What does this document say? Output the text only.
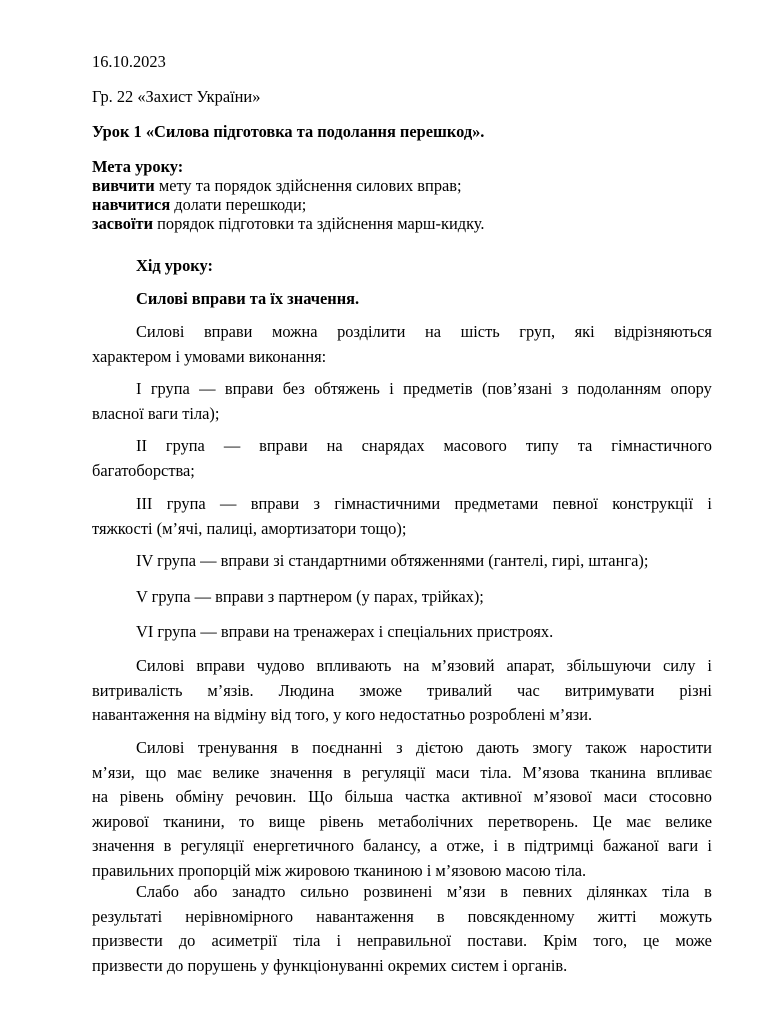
16.10.2023

Гр. 22 «Захист України»

Урок 1 «Силова підготовка та подолання перешкод».

Мета уроку:

вивчити мету та порядок здійснення силових вправ;

навчитися долати перешкоди;

засвоїти порядок підготовки та здійснення марш-кидку.

Хід уроку:

Силові вправи та їх значення.

Силові вправи можна розділити на шість груп, які відрізняються
характером і умовами виконання:
I група — вправи без обтяжень і предметів (пов’язані з подоланням опору
власної ваги тіла);
II група — вправи на снарядах масового типу та гімнастичного
багатоборства;
III група — вправи з гімнастичними предметами певної конструкції і
тяжкості (м’ячі, палиці, амортизатори тощо);
IV група — вправи зі стандартними обтяженнями (гантелі, гирі, штанга);
V група — вправи з партнером (у парах, трійках);
VI група — вправи на тренажерах і спеціальних пристроях.
Силові вправи чудово впливають на м’язовий апарат, збільшуючи силу і
витривалість м’язів. Людина зможе тривалий час витримувати різні
навантаження на відміну від того, у кого недостатньо розроблені м’язи.
Силові тренування в поєднанні з дієтою дають змогу також наростити
м’язи, що має велике значення в регуляції маси тіла. М’язова тканина впливає
на рівень обміну речовин. Що більша частка активної м’язової маси стосовно
жирової тканини, то вище рівень метаболічних перетворень. Це має велике
значення в регуляції енергетичного балансу, а отже, і в підтримці бажаної ваги і
правильних пропорцій між жировою тканиною і м’язовою масою тіла.
Слабо або занадто сильно розвинені м’язи в певних ділянках тіла в
результаті нерівномірного навантаження в повсякденному житті можуть
призвести до асиметрії тіла і неправильної постави. Крім того, це може
призвести до порушень у функціонуванні окремих систем і органів.
